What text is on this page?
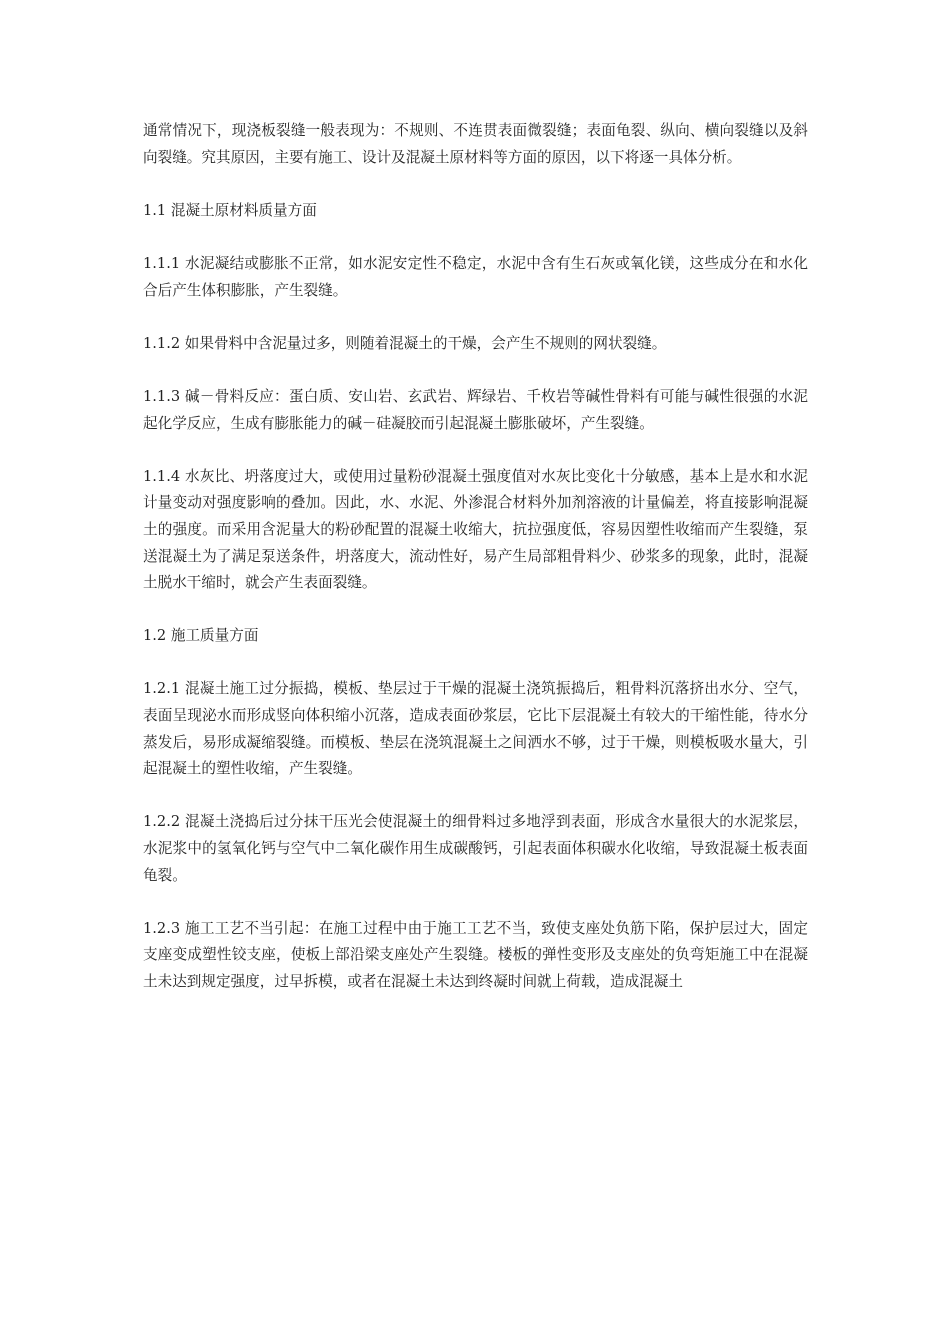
通常情况下，现浇板裂缝一般表现为：不规则、不连贯表面微裂缝；表面龟裂、纵向、横向裂缝以及斜向裂缝。究其原因，主要有施工、设计及混凝土原材料等方面的原因，以下将逐一具体分析。

1.1 混凝土原材料质量方面

1.1.1 水泥凝结或膨胀不正常，如水泥安定性不稳定，水泥中含有生石灰或氧化镁，这些成分在和水化合后产生体积膨胀，产生裂缝。

1.1.2 如果骨料中含泥量过多，则随着混凝土的干燥，会产生不规则的网状裂缝。

1.1.3 碱－骨料反应：蛋白质、安山岩、玄武岩、辉绿岩、千枚岩等碱性骨料有可能与碱性很强的水泥起化学反应，生成有膨胀能力的碱－硅凝胶而引起混凝土膨胀破坏，产生裂缝。

1.1.4 水灰比、坍落度过大，或使用过量粉砂混凝土强度值对水灰比变化十分敏感，基本上是水和水泥计量变动对强度影响的叠加。因此，水、水泥、外渗混合材料外加剂溶液的计量偏差，将直接影响混凝土的强度。而采用含泥量大的粉砂配置的混凝土收缩大，抗拉强度低，容易因塑性收缩而产生裂缝，泵送混凝土为了满足泵送条件，坍落度大，流动性好，易产生局部粗骨料少、砂浆多的现象，此时，混凝土脱水干缩时，就会产生表面裂缝。

1.2 施工质量方面

1.2.1 混凝土施工过分振捣，模板、垫层过于干燥的混凝土浇筑振捣后，粗骨料沉落挤出水分、空气，表面呈现泌水而形成竖向体积缩小沉落，造成表面砂浆层，它比下层混凝土有较大的干缩性能，待水分蒸发后，易形成凝缩裂缝。而模板、垫层在浇筑混凝土之间洒水不够，过于干燥，则模板吸水量大，引起混凝土的塑性收缩，产生裂缝。

1.2.2 混凝土浇捣后过分抹干压光会使混凝土的细骨料过多地浮到表面，形成含水量很大的水泥浆层，水泥浆中的氢氧化钙与空气中二氧化碳作用生成碳酸钙，引起表面体积碳水化收缩，导致混凝土板表面龟裂。

1.2.3 施工工艺不当引起：在施工过程中由于施工工艺不当，致使支座处负筋下陷，保护层过大，固定支座变成塑性铰支座，使板上部沿梁支座处产生裂缝。楼板的弹性变形及支座处的负弯矩施工中在混凝土未达到规定强度，过早拆模，或者在混凝土未达到终凝时间就上荷载，造成混凝土
